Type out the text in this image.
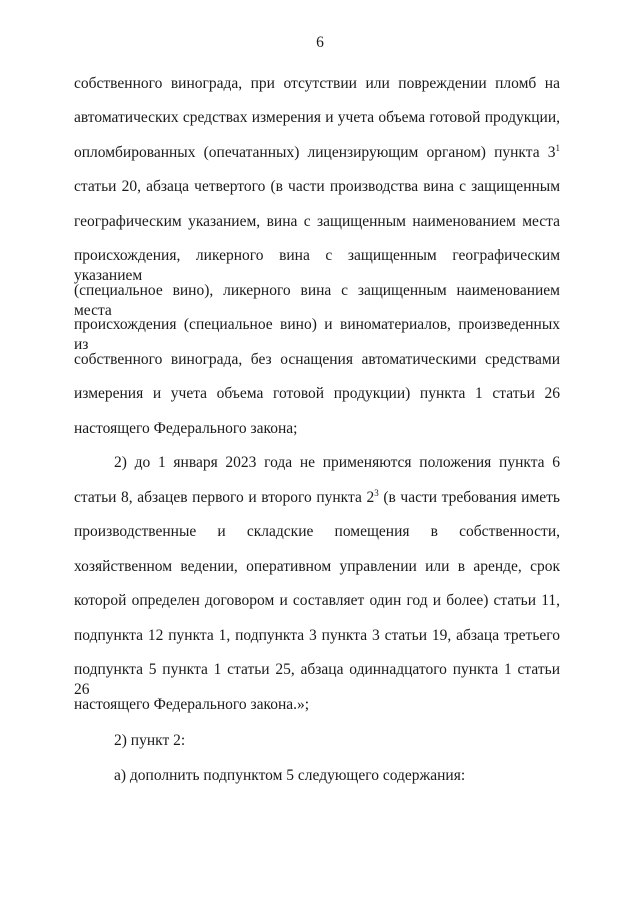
6
собственного винограда, при отсутствии или повреждении пломб на
автоматических средствах измерения и учета объема готовой продукции,
опломбированных (опечатанных) лицензирующим органом) пункта $3^1$
статьи 20, абзаца четвертого (в части производства вина с защищенным
географическим указанием, вина с защищенным наименованием места
происхождения, ликерного вина с защищенным географическим указанием
(специальное вино), ликерного вина с защищенным наименованием места
происхождения (специальное вино) и виноматериалов, произведенных из
собственного винограда, без оснащения автоматическими средствами
измерения и учета объема готовой продукции) пункта 1 статьи 26
настоящего Федерального закона;
2) до 1 января 2023 года не применяются положения пункта 6
статьи 8, абзацев первого и второго пункта $2^3$ (в части требования иметь
производственные и складские помещения в собственности,
хозяйственном ведении, оперативном управлении или в аренде, срок
которой определен договором и составляет один год и более) статьи 11,
подпункта 12 пункта 1, подпункта 3 пункта 3 статьи 19, абзаца третьего
подпункта 5 пункта 1 статьи 25, абзаца одиннадцатого пункта 1 статьи 26
настоящего Федерального закона.»;
2) пункт 2:
а) дополнить подпунктом 5 следующего содержания:
